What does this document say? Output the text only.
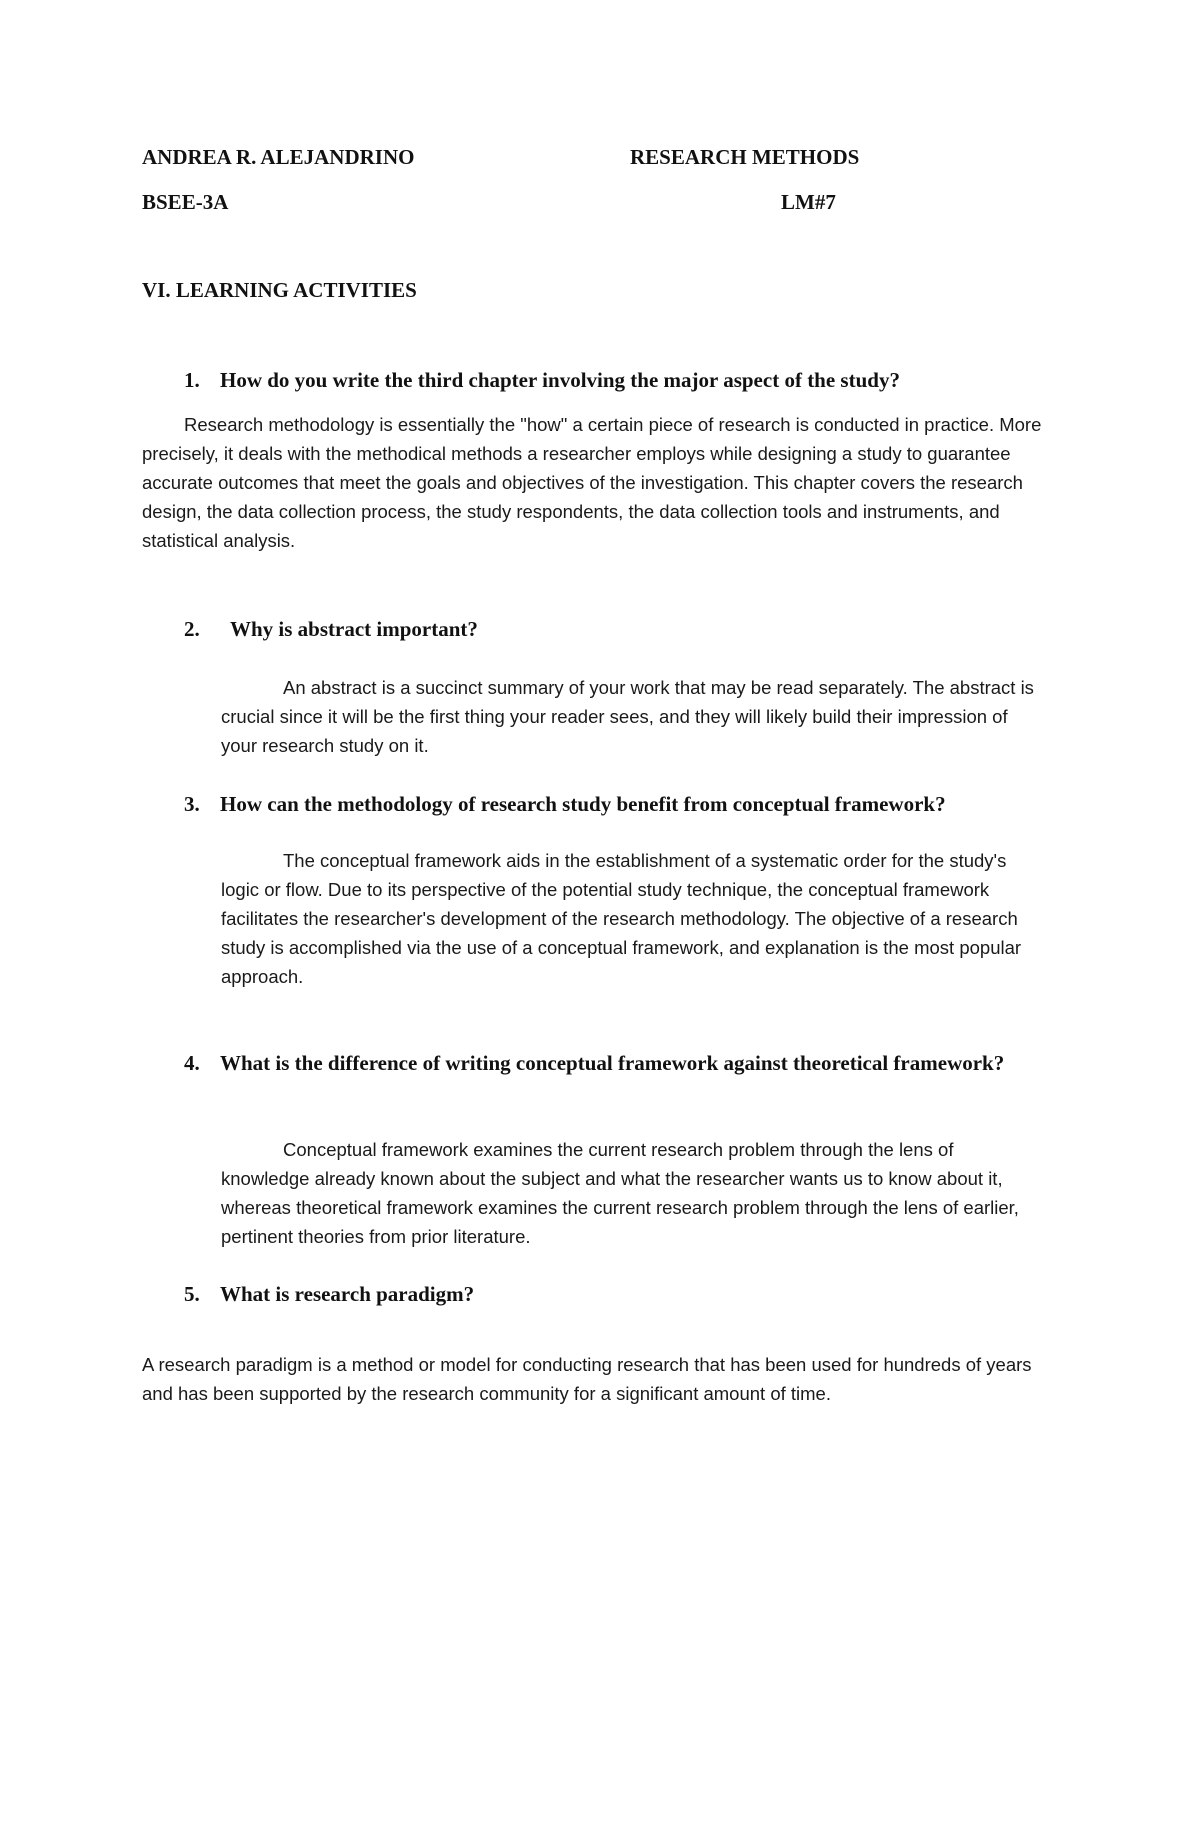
ANDREA R. ALEJANDRINO	RESEARCH METHODS

BSEE-3A	LM#7

VI. LEARNING ACTIVITIES

1. How do you write the third chapter involving the major aspect of the study?

Research methodology is essentially the "how" a certain piece of research is conducted in practice. More precisely, it deals with the methodical methods a researcher employs while designing a study to guarantee accurate outcomes that meet the goals and objectives of the investigation. This chapter covers the research design, the data collection process, the study respondents, the data collection tools and instruments, and statistical analysis.

2. Why is abstract important?

An abstract is a succinct summary of your work that may be read separately. The abstract is crucial since it will be the first thing your reader sees, and they will likely build their impression of your research study on it.

3. How can the methodology of research study benefit from conceptual framework?

The conceptual framework aids in the establishment of a systematic order for the study's logic or flow. Due to its perspective of the potential study technique, the conceptual framework facilitates the researcher's development of the research methodology. The objective of a research study is accomplished via the use of a conceptual framework, and explanation is the most popular approach.

4. What is the difference of writing conceptual framework against theoretical framework?

Conceptual framework examines the current research problem through the lens of knowledge already known about the subject and what the researcher wants us to know about it, whereas theoretical framework examines the current research problem through the lens of earlier, pertinent theories from prior literature.

5. What is research paradigm?

A research paradigm is a method or model for conducting research that has been used for hundreds of years and has been supported by the research community for a significant amount of time.
